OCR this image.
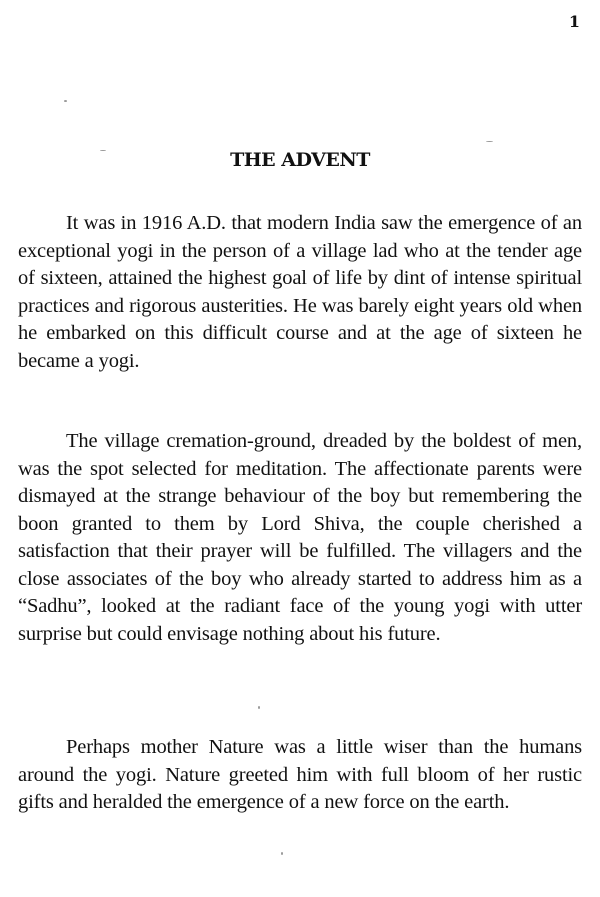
1
THE ADVENT

It was in 1916 A.D. that modern India saw the emergence of an exceptional yogi in the person of a village lad who at the tender age of sixteen, attained the highest goal of life by dint of intense spiritual practices and rigorous austerities. He was barely eight years old when he embarked on this difficult course and at the age of sixteen he became a yogi.

The village cremation-ground, dreaded by the boldest of men, was the spot selected for meditation. The affectionate parents were dismayed at the strange behaviour of the boy but remembering the boon granted to them by Lord Shiva, the couple cherished a satisfaction that their prayer will be fulfilled. The villagers and the close associates of the boy who already started to address him as a “Sadhu”, looked at the radiant face of the young yogi with utter surprise but could envisage nothing about his future.

Perhaps mother Nature was a little wiser than the humans around the yogi. Nature greeted him with full bloom of her rustic gifts and heralded the emergence of a new force on the earth.
